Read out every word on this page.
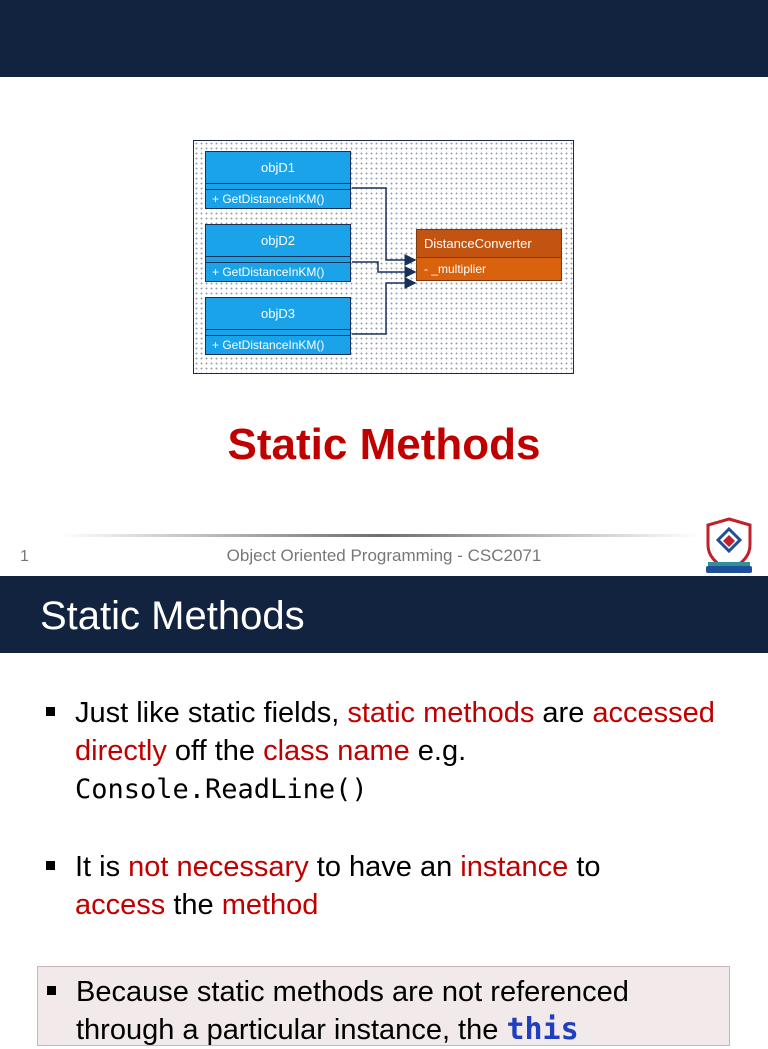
objD1
+ GetDistanceInKM()
objD2
+ GetDistanceInKM()
objD3
+ GetDistanceInKM()
DistanceConverter
- _multiplier
Static Methods
1	Object Oriented Programming - CSC2071
Static Methods
Just like static fields, static methods are accessed directly off the class name e.g.
Console.ReadLine()
It is not necessary to have an instance to
access the method
Because static methods are not referenced through a particular instance, the this
